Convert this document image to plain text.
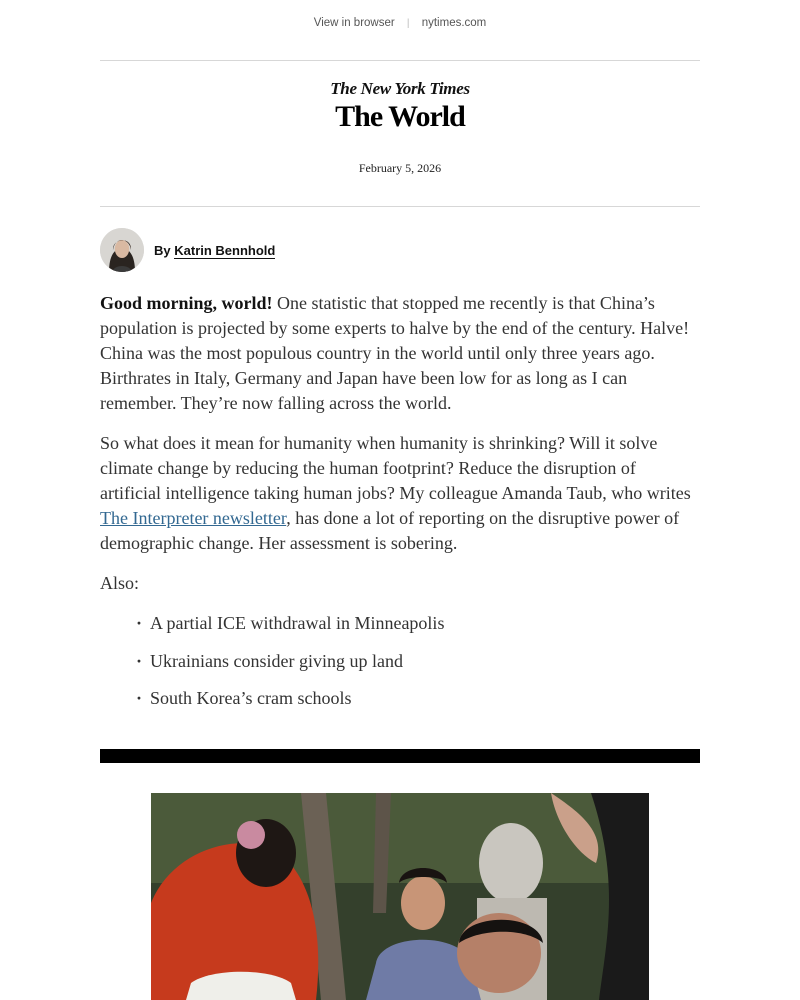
View in browser | nytimes.com
The New York Times
The World
February 5, 2026
By Katrin Bennhold

Good morning, world! One statistic that stopped me recently is that China’s population is projected by some experts to halve by the end of the century. Halve! China was the most populous country in the world until only three years ago. Birthrates in Italy, Germany and Japan have been low for as long as I can remember. They’re now falling across the world.

So what does it mean for humanity when humanity is shrinking? Will it solve climate change by reducing the human footprint? Reduce the disruption of artificial intelligence taking human jobs? My colleague Amanda Taub, who writes The Interpreter newsletter, has done a lot of reporting on the disruptive power of demographic change. Her assessment is sobering.

Also:

· A partial ICE withdrawal in Minneapolis
· Ukrainians consider giving up land
· South Korea’s cram schools
